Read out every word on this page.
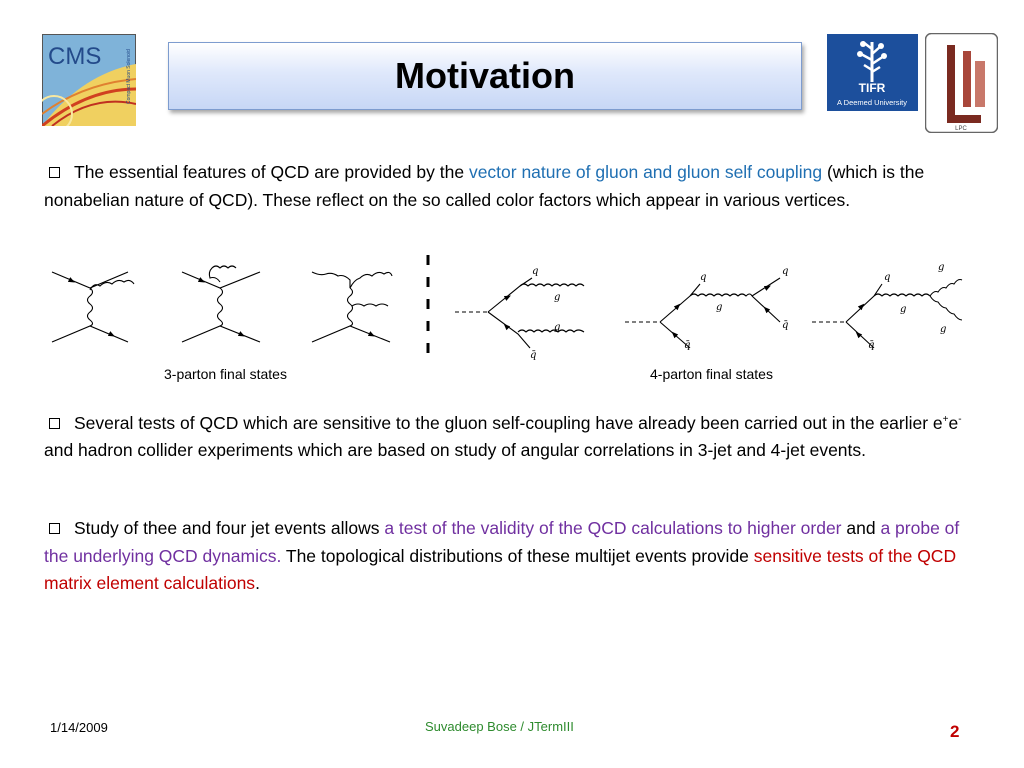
CMS	Compact Muon Solenoid	Motivation	TIFR
A Deemed University
LPC
The essential features of QCD are provided by the vector nature of gluon and gluon self coupling (which is the nonabelian nature of QCD). These reflect on the so called color factors which appear in various vertices.
q
g
g
q̄
q
g
q
q̄
q̄
q
g
g
g
q̄
3-parton final states	4-parton final states
Several tests of QCD which are sensitive to the gluon self-coupling have already been carried out in the earlier e+e- and hadron collider experiments which are based on study of angular correlations in 3-jet and 4-jet events.
Study of thee and four jet events allows a test of the validity of the QCD calculations to higher order and a probe of the underlying QCD dynamics. The topological distributions of these multijet events provide sensitive tests of the QCD matrix element calculations.
1/14/2009	Suvadeep Bose / JTermIII	2
